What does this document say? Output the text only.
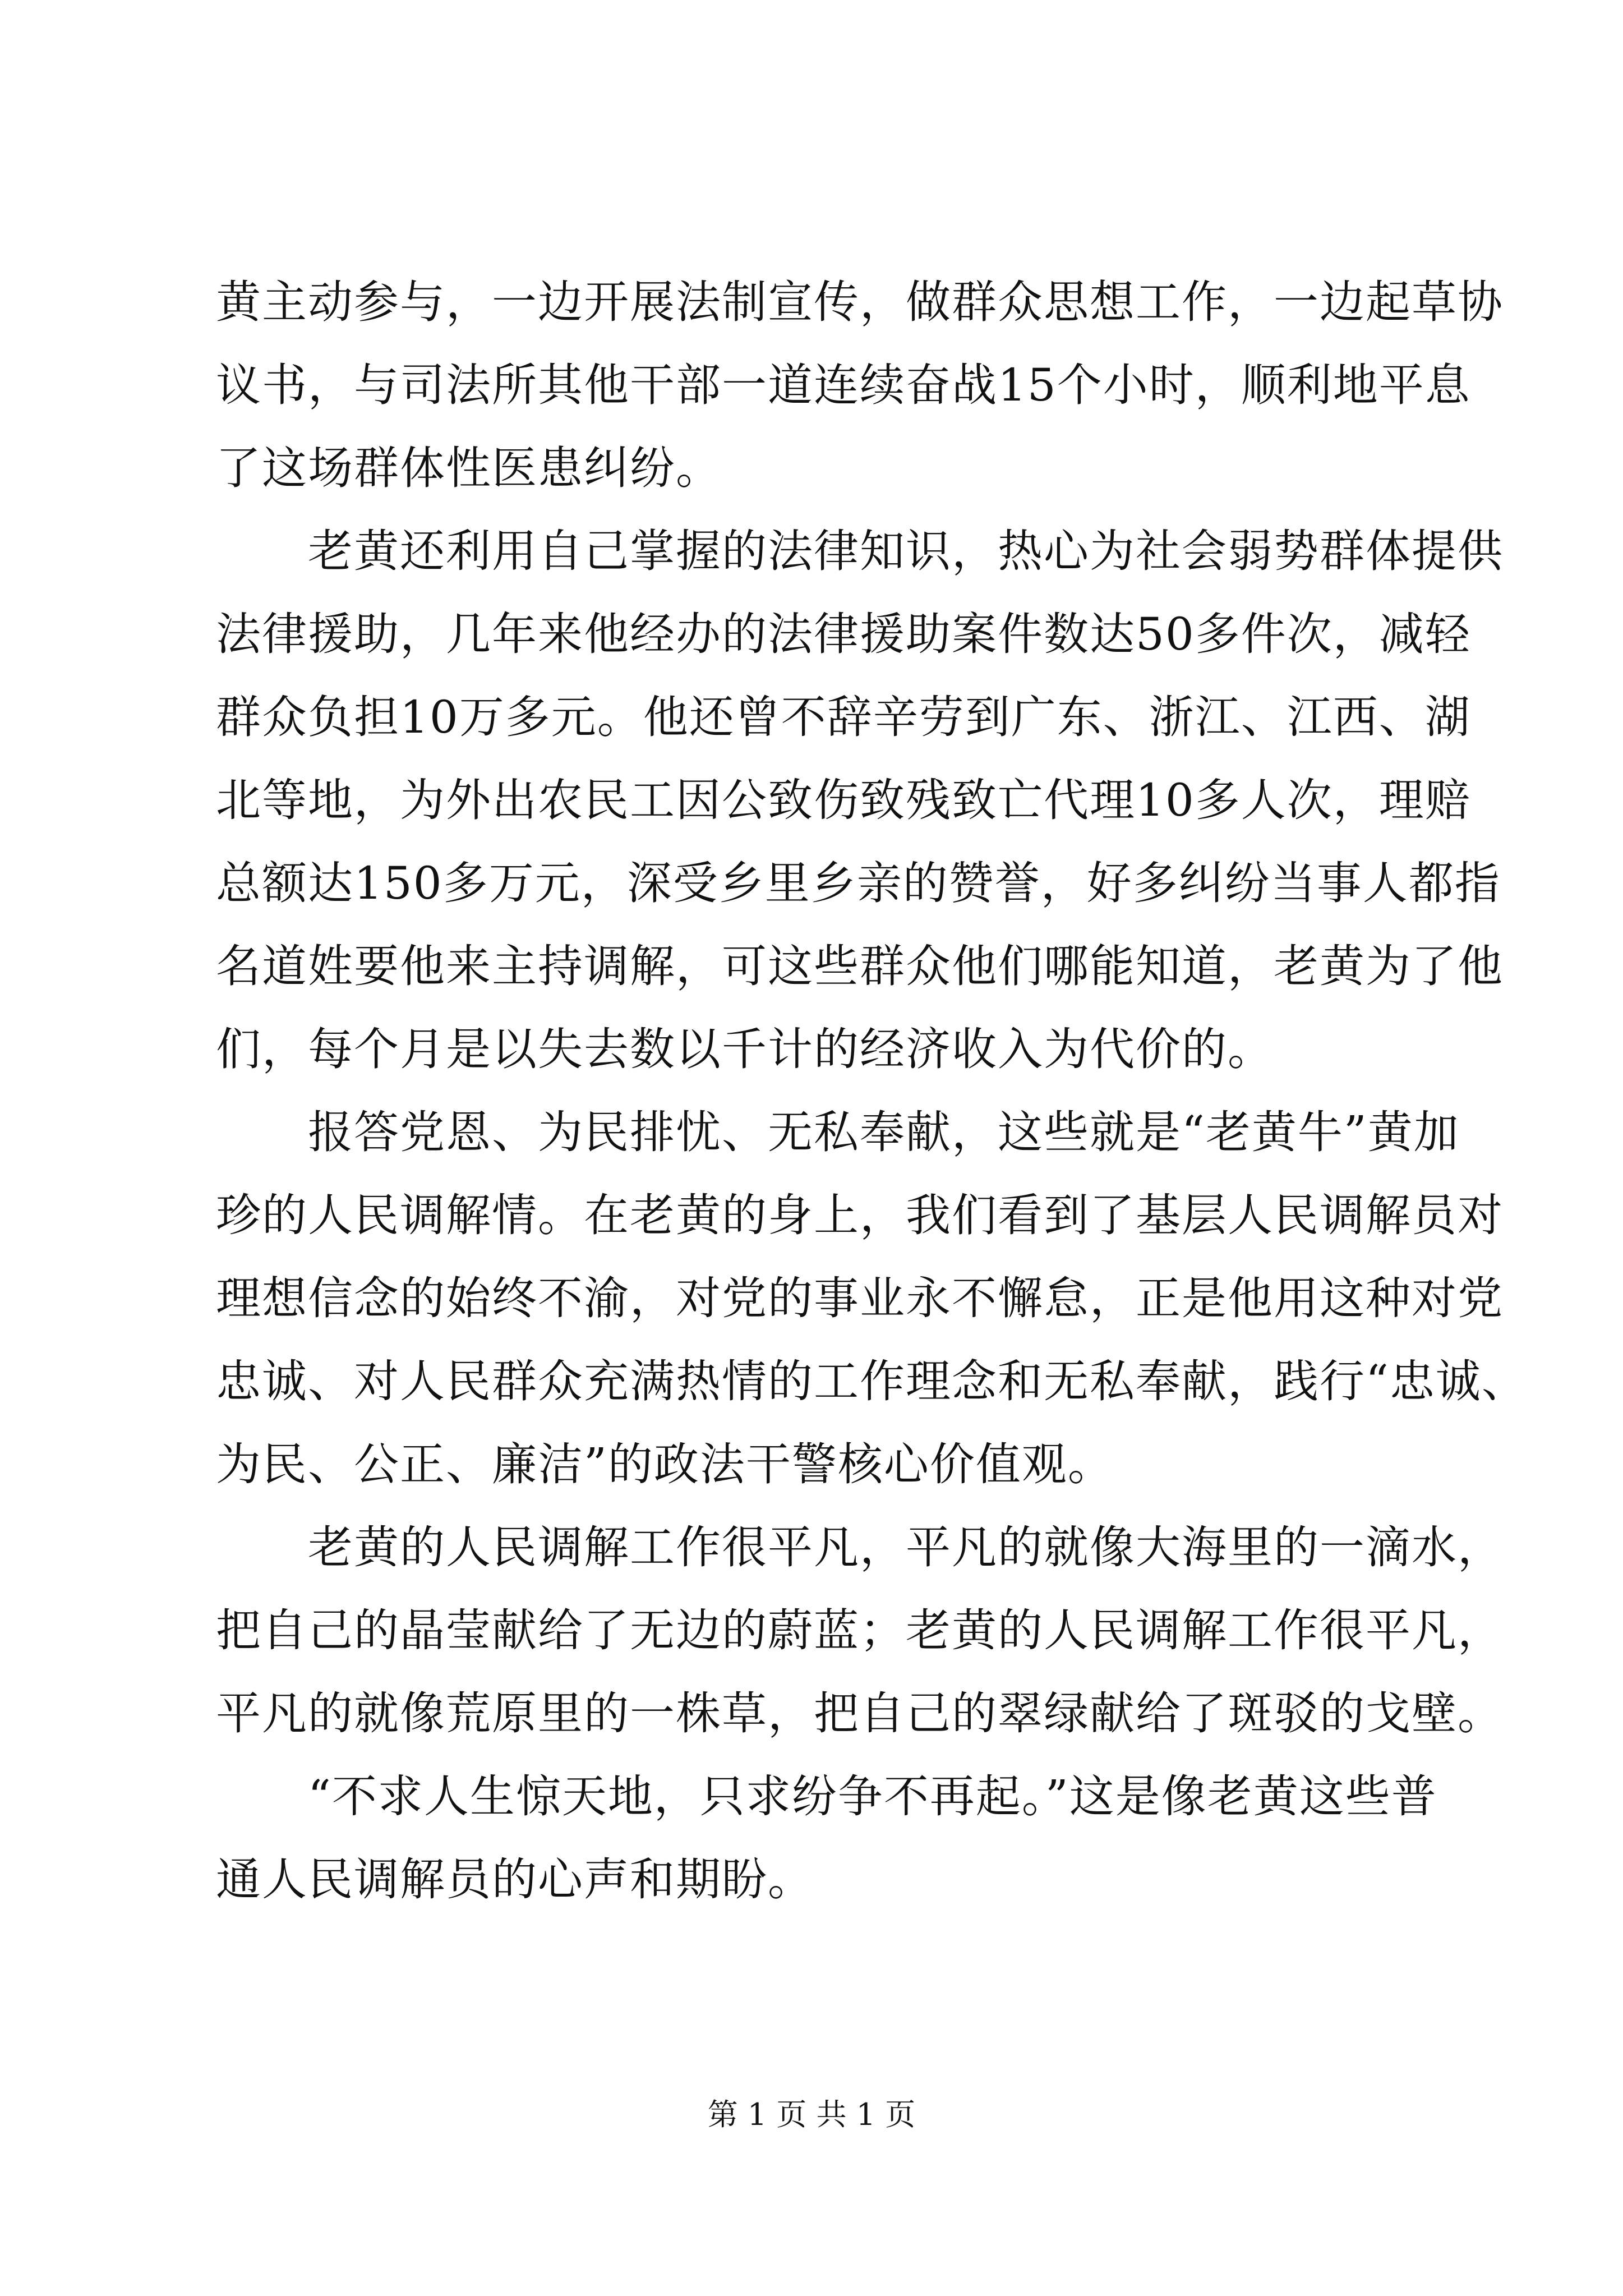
黄主动参与，一边开展法制宣传，做群众思想工作，一边起草协
议书，与司法所其他干部一道连续奋战15个小时，顺利地平息
了这场群体性医患纠纷。
　　老黄还利用自己掌握的法律知识，热心为社会弱势群体提供
法律援助，几年来他经办的法律援助案件数达50多件次，减轻
群众负担10万多元。他还曾不辞辛劳到广东、浙江、江西、湖
北等地，为外出农民工因公致伤致残致亡代理10多人次，理赔
总额达150多万元，深受乡里乡亲的赞誉，好多纠纷当事人都指
名道姓要他来主持调解，可这些群众他们哪能知道，老黄为了他
们，每个月是以失去数以千计的经济收入为代价的。
　　报答党恩、为民排忧、无私奉献，这些就是“老黄牛”黄加
珍的人民调解情。在老黄的身上，我们看到了基层人民调解员对
理想信念的始终不渝，对党的事业永不懈怠，正是他用这种对党
忠诚、对人民群众充满热情的工作理念和无私奉献，践行“忠诚、
为民、公正、廉洁”的政法干警核心价值观。
　　老黄的人民调解工作很平凡，平凡的就像大海里的一滴水，
把自己的晶莹献给了无边的蔚蓝；老黄的人民调解工作很平凡，
平凡的就像荒原里的一株草，把自己的翠绿献给了斑驳的戈壁。
　　“不求人生惊天地，只求纷争不再起。”这是像老黄这些普
通人民调解员的心声和期盼。
第 1 页 共 1 页
